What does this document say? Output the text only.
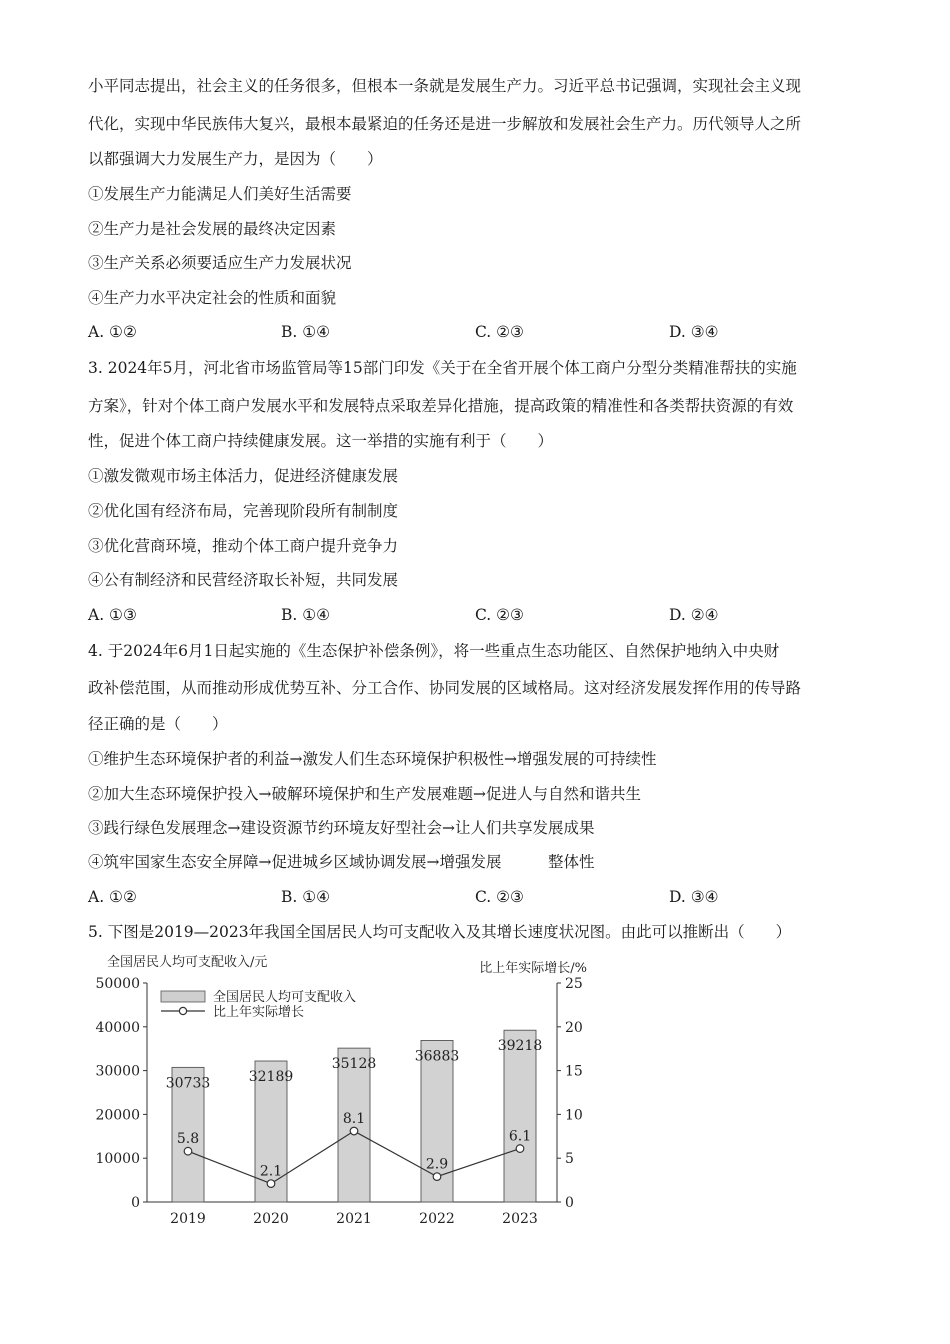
小平同志提出，社会主义的任务很多，但根本一条就是发展生产力。习近平总书记强调，实现社会主义现
代化，实现中华民族伟大复兴，最根本最紧迫的任务还是进一步解放和发展社会生产力。历代领导人之所
以都强调大力发展生产力，是因为（　　）
①发展生产力能满足人们美好生活需要
②生产力是社会发展的最终决定因素
③生产关系必须要适应生产力发展状况
④生产力水平决定社会的性质和面貌
A. ①②	B. ①④	C. ②③	D. ③④
3. 2024年5月，河北省市场监管局等15部门印发《关于在全省开展个体工商户分型分类精准帮扶的实施
方案》，针对个体工商户发展水平和发展特点采取差异化措施，提高政策的精准性和各类帮扶资源的有效
性，促进个体工商户持续健康发展。这一举措的实施有利于（　　）
①激发微观市场主体活力，促进经济健康发展
②优化国有经济布局，完善现阶段所有制制度
③优化营商环境，推动个体工商户提升竞争力
④公有制经济和民营经济取长补短，共同发展
A. ①③	B. ①④	C. ②③	D. ②④
4. 于2024年6月1日起实施的《生态保护补偿条例》，将一些重点生态功能区、自然保护地纳入中央财
政补偿范围，从而推动形成优势互补、分工合作、协同发展的区域格局。这对经济发展发挥作用的传导路
径正确的是（　　）
①维护生态环境保护者的利益→激发人们生态环境保护积极性→增强发展的可持续性
②加大生态环境保护投入→破解环境保护和生产发展难题→促进人与自然和谐共生
③践行绿色发展理念→建设资源节约环境友好型社会→让人们共享发展成果
④筑牢国家生态安全屏障→促进城乡区域协调发展→增强发展　　　整体性
A. ①②	B. ①④	C. ②③	D. ③④
5. 下图是2019—2023年我国全国居民人均可支配收入及其增长速度状况图。由此可以推断出（　　）
全国居民人均可支配收入/元	比上年实际增长/%
0
10000
20000
30000
40000
50000
0
5
10
15
20
25
30733	32189
35128	36883
39218
2019	2020	2021	2022	2023
5.8
2.1
8.1
2.9
6.1
全国居民人均可支配收入
比上年实际增长
